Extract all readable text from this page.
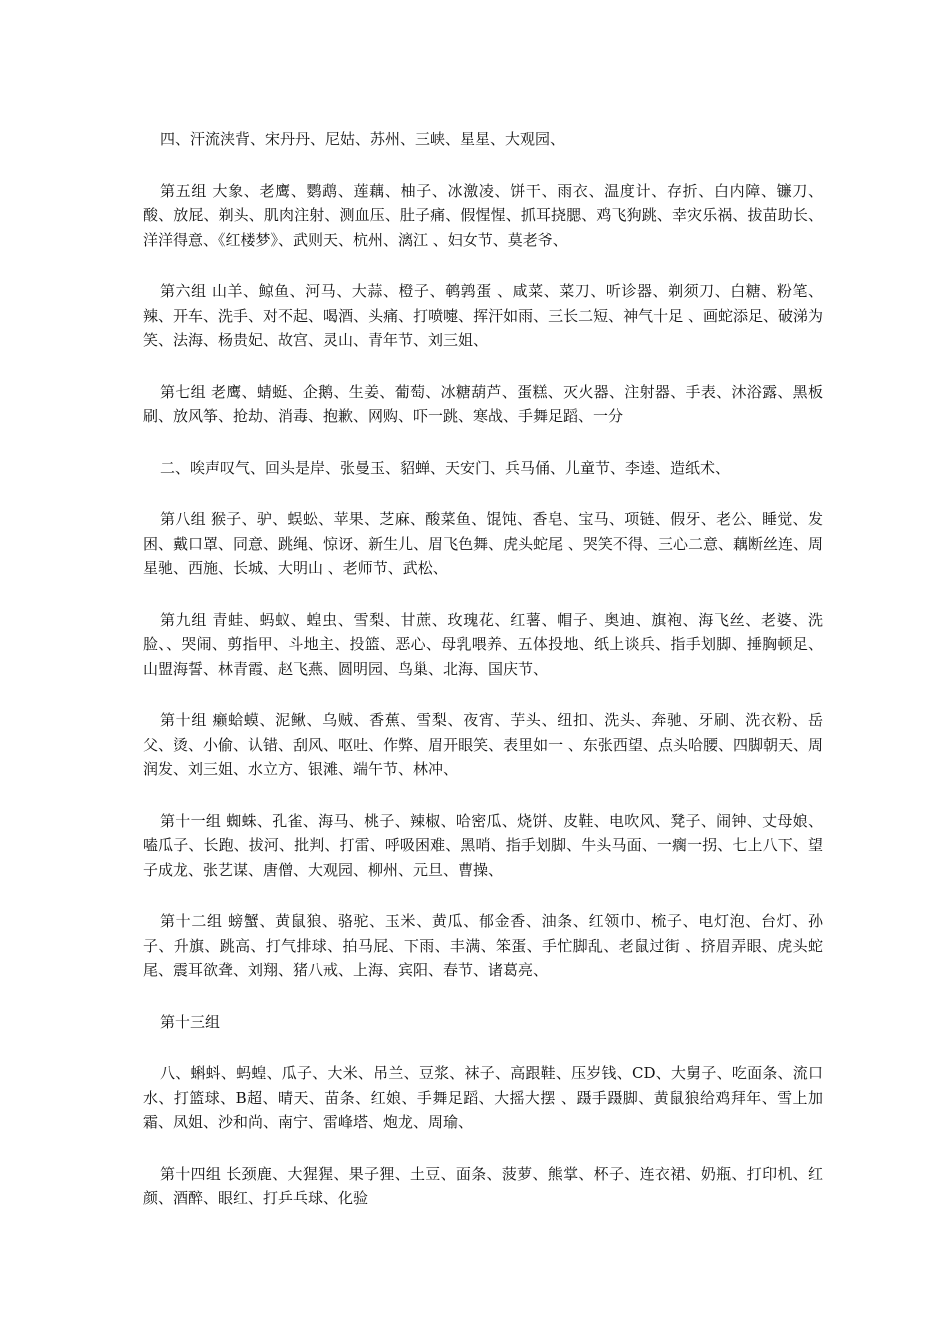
四、汗流浃背、宋丹丹、尼姑、苏州、三峡、星星、大观园、

第五组 大象、老鹰、鹦鹉、莲藕、柚子、冰激凌、饼干、雨衣、温度计、存折、白内障、镰刀、酸、放屁、剃头、肌肉注射、测血压、肚子痛、假惺惺、抓耳挠腮、鸡飞狗跳、幸灾乐祸、拔苗助长、洋洋得意、《红楼梦》、武则天、杭州、漓江 、妇女节、莫老爷、

第六组 山羊、鲸鱼、河马、大蒜、橙子、鹌鹑蛋 、咸菜、菜刀、听诊器、剃须刀、白糖、粉笔、辣、开车、洗手、对不起、喝酒、头痛、打喷嚏、挥汗如雨、三长二短、神气十足 、画蛇添足、破涕为笑、法海、杨贵妃、故宫、灵山、青年节、刘三姐、

第七组 老鹰、蜻蜓、企鹅、生姜、葡萄、冰糖葫芦、蛋糕、灭火器、注射器、手表、沐浴露、黑板刷、放风筝、抢劫、消毒、抱歉、网购、吓一跳、寒战、手舞足蹈、一分

二、唉声叹气、回头是岸、张曼玉、貂蝉、天安门、兵马俑、儿童节、李逵、造纸术、

第八组 猴子、驴、蜈蚣、苹果、芝麻、酸菜鱼、馄饨、香皂、宝马、项链、假牙、老公、睡觉、发困、戴口罩、同意、跳绳、惊讶、新生儿、眉飞色舞、虎头蛇尾 、哭笑不得、三心二意、藕断丝连、周星驰、西施、长城、大明山 、老师节、武松、

第九组 青蛙、蚂蚁、蝗虫、雪梨、甘蔗、玫瑰花、红薯、帽子、奥迪、旗袍、海飞丝、老婆、洗脸、、哭闹、剪指甲、斗地主、投篮、恶心、母乳喂养、五体投地、纸上谈兵、指手划脚、捶胸顿足、山盟海誓、林青霞、赵飞燕、圆明园、鸟巢、北海、国庆节、

第十组 癞蛤蟆、泥鳅、乌贼、香蕉、雪梨、夜宵、芋头、纽扣、洗头、奔驰、牙刷、洗衣粉、岳父、烫、小偷、认错、刮风、呕吐、作弊、眉开眼笑、表里如一 、东张西望、点头哈腰、四脚朝天、周润发、刘三姐、水立方、银滩、端午节、林冲、

第十一组 蜘蛛、孔雀、海马、桃子、辣椒、哈密瓜、烧饼、皮鞋、电吹风、凳子、闹钟、丈母娘、嗑瓜子、长跑、拔河、批判、打雷、呼吸困难、黑哨、指手划脚、牛头马面、一瘸一拐、七上八下、望子成龙、张艺谋、唐僧、大观园、柳州、元旦、曹操、

第十二组 螃蟹、黄鼠狼、骆驼、玉米、黄瓜、郁金香、油条、红领巾、梳子、电灯泡、台灯、孙子、升旗、跳高、打气排球、拍马屁、下雨、丰满、笨蛋、手忙脚乱、老鼠过街 、挤眉弄眼、虎头蛇尾、震耳欲聋、刘翔、猪八戒、上海、宾阳、春节、诸葛亮、

第十三组

八、蝌蚪、蚂蝗、瓜子、大米、吊兰、豆浆、袜子、高跟鞋、压岁钱、CD、大舅子、吃面条、流口水、打篮球、B超、晴天、苗条、红娘、手舞足蹈、大摇大摆 、蹑手蹑脚、黄鼠狼给鸡拜年、雪上加霜、凤姐、沙和尚、南宁、雷峰塔、炮龙、周瑜、

第十四组 长颈鹿、大猩猩、果子狸、土豆、面条、菠萝、熊掌、杯子、连衣裙、奶瓶、打印机、红颜、酒醉、眼红、打乒乓球、化验
